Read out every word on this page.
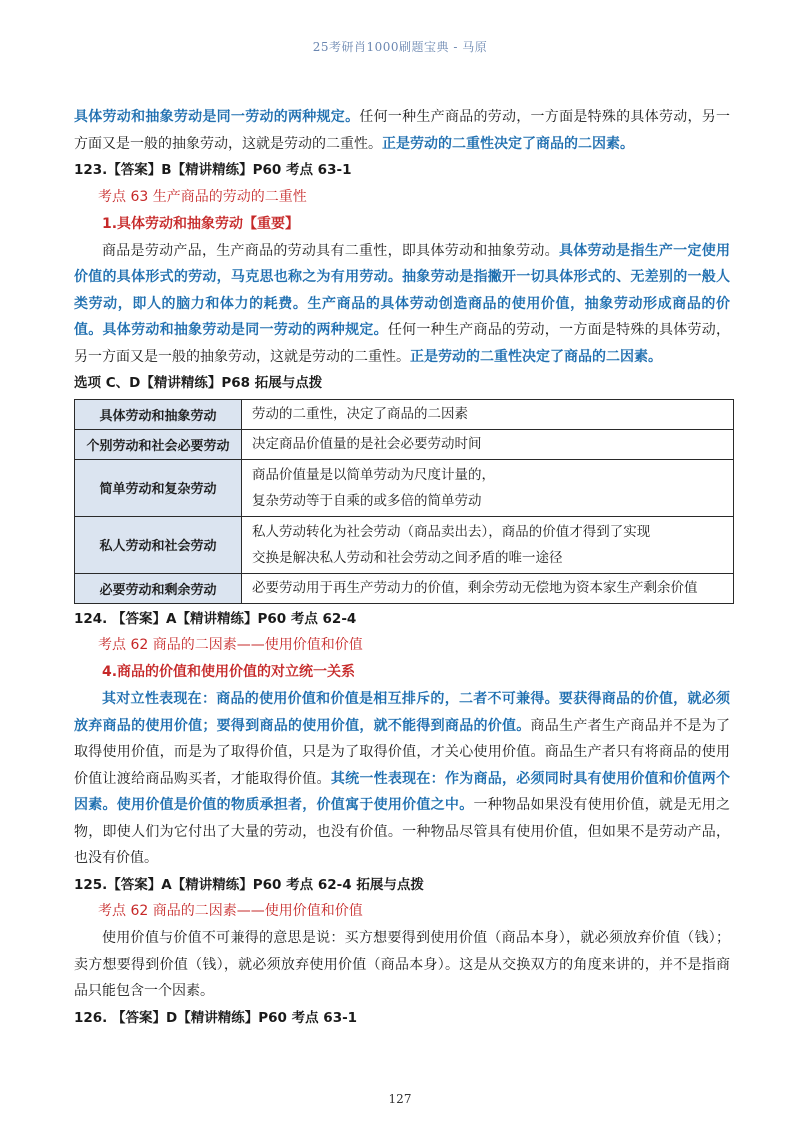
25考研肖1000刷题宝典 - 马原

具体劳动和抽象劳动是同一劳动的两种规定。任何一种生产商品的劳动，一方面是特殊的具体劳动，另一方面又是一般的抽象劳动，这就是劳动的二重性。正是劳动的二重性决定了商品的二因素。

123.【答案】B【精讲精练】P60 考点 63-1

考点 63 生产商品的劳动的二重性

1.具体劳动和抽象劳动【重要】

商品是劳动产品，生产商品的劳动具有二重性，即具体劳动和抽象劳动。具体劳动是指生产一定使用价值的具体形式的劳动，马克思也称之为有用劳动。抽象劳动是指撇开一切具体形式的、无差别的一般人类劳动，即人的脑力和体力的耗费。生产商品的具体劳动创造商品的使用价值，抽象劳动形成商品的价值。具体劳动和抽象劳动是同一劳动的两种规定。任何一种生产商品的劳动，一方面是特殊的具体劳动，另一方面又是一般的抽象劳动，这就是劳动的二重性。正是劳动的二重性决定了商品的二因素。

选项 C、D【精讲精练】P68 拓展与点拨

具体劳动和抽象劳动	劳动的二重性，决定了商品的二因素
个别劳动和社会必要劳动	决定商品价值量的是社会必要劳动时间
简单劳动和复杂劳动	商品价值量是以简单劳动为尺度计量的，
复杂劳动等于自乘的或多倍的简单劳动

私人劳动和社会劳动	私人劳动转化为社会劳动（商品卖出去），商品的价值才得到了实现
交换是解决私人劳动和社会劳动之间矛盾的唯一途径

必要劳动和剩余劳动	必要劳动用于再生产劳动力的价值，剩余劳动无偿地为资本家生产剩余价值

124. 【答案】A【精讲精练】P60 考点 62-4

考点 62 商品的二因素——使用价值和价值

4.商品的价值和使用价值的对立统一关系

其对立性表现在：商品的使用价值和价值是相互排斥的，二者不可兼得。要获得商品的价值，就必须放弃商品的使用价值；要得到商品的使用价值，就不能得到商品的价值。商品生产者生产商品并不是为了取得使用价值，而是为了取得价值，只是为了取得价值，才关心使用价值。商品生产者只有将商品的使用价值让渡给商品购买者，才能取得价值。其统一性表现在：作为商品，必须同时具有使用价值和价值两个因素。使用价值是价值的物质承担者，价值寓于使用价值之中。一种物品如果没有使用价值，就是无用之物，即使人们为它付出了大量的劳动，也没有价值。一种物品尽管具有使用价值，但如果不是劳动产品，也没有价值。

125.【答案】A【精讲精练】P60 考点 62-4 拓展与点拨

考点 62 商品的二因素——使用价值和价值

使用价值与价值不可兼得的意思是说：买方想要得到使用价值（商品本身），就必须放弃价值（钱）；卖方想要得到价值（钱），就必须放弃使用价值（商品本身）。这是从交换双方的角度来讲的，并不是指商品只能包含一个因素。

126. 【答案】D【精讲精练】P60 考点 63-1

127
